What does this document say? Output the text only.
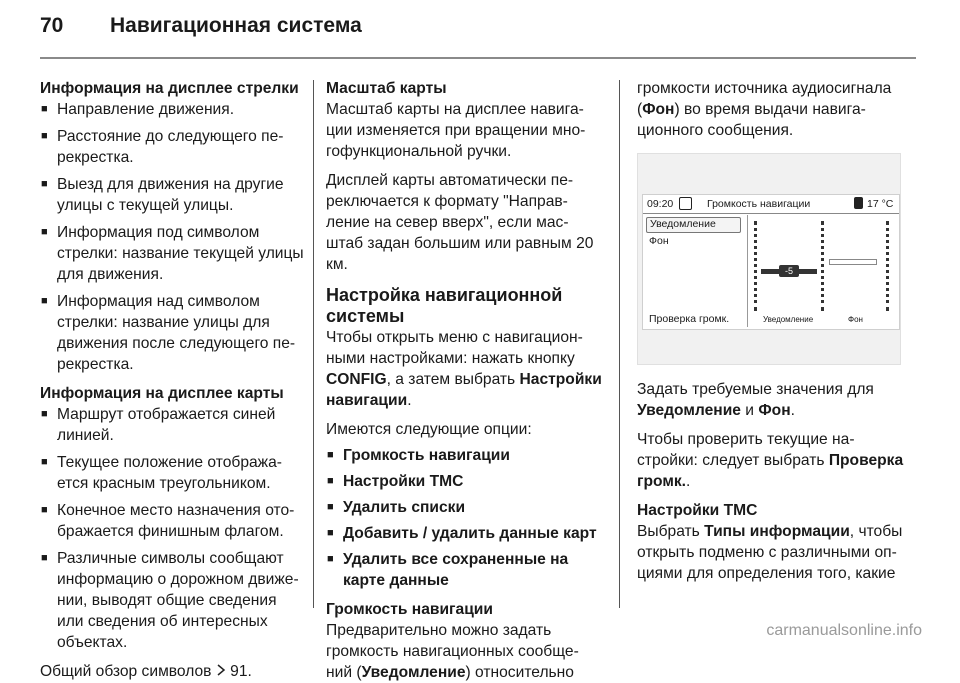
70 Навигационная система

Информация на дисплее стрелки

■ Направление движения.
■ Расстояние до следующего пе-рекрестка.
■ Выезд для движения на другие улицы с текущей улицы.
■ Информация под символом стрелки: название текущей улицы для движения.
■ Информация над символом стрелки: название улицы для движения после следующего пе-рекрестка.

Информация на дисплее карты

■ Маршрут отображается синей линией.
■ Текущее положение отобража-ется красным треугольником.
■ Конечное место назначения ото-бражается финишным флагом.
■ Различные символы сообщают информацию о дорожном движе-нии, выводят общие сведения или сведения об интересных объектах.

Общий обзор символов 91.

Масштаб карты

Масштаб карты на дисплее навига-ции изменяется при вращении мно-гофункциональной ручки.

Дисплей карты автоматически пе-реключается к формату "Направ-ление на север вверх", если мас-штаб задан большим или равным 20 км.

Настройка навигационной системы

Чтобы открыть меню с навигацион-ными настройками: нажать кнопку CONFIG, а затем выбрать Настройки навигации.

Имеются следующие опции:

■ Громкость навигации
■ Настройки TMC
■ Удалить списки
■ Добавить / удалить данные карт
■ Удалить все сохраненные на карте данные

Громкость навигации

Предварительно можно задать громкость навигационных сообще-ний (Уведомление) относительно

громкости источника аудиосигнала (Фон) во время выдачи навига-ционного сообщения.

09:20	Громкость навигации	17 °C
Уведомление
Фон
Проверка громк.
-5
Уведомление	Фон

Задать требуемые значения для Уведомление и Фон.

Чтобы проверить текущие на-стройки: следует выбрать Проверка громк..

Настройки TMC

Выбрать Типы информации, чтобы открыть подменю с различными оп-циями для определения того, какие

carmanualsonline.info
